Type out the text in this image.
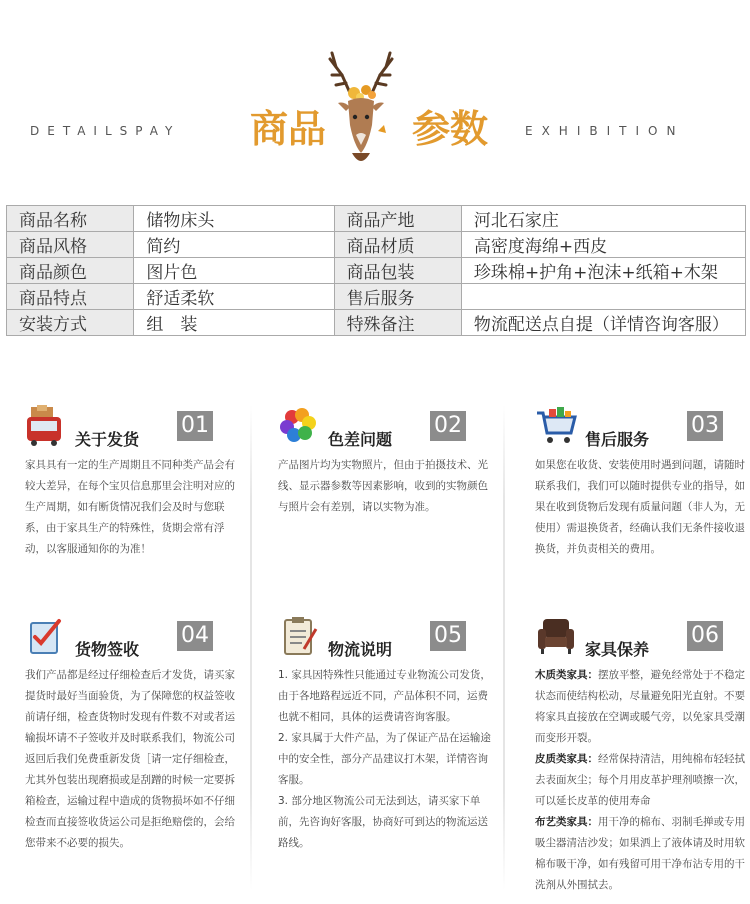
DETAILSPAY 商品 参数	EXHIBITION
商品名称	储物床头	商品产地	河北石家庄
商品风格	简约	商品材质	高密度海绵+西皮
商品颜色	图片色	商品包装	珍珠棉+护角+泡沫+纸箱+木架
商品特点	舒适柔软	售后服务	
安装方式	组　装	特殊备注	物流配送点自提（详情咨询客服）
关于发货
01
家具具有一定的生产周期且不同种类产品会有较大差异，在每个宝贝信息那里会注明对应的生产周期，如有断货情况我们会及时与您联系，由于家具生产的特殊性，货期会常有浮动，以客服通知你的为准！
色差问题
02
产品图片均为实物照片，但由于拍摄技术、光线、显示器参数等因素影响，收到的实物颜色与照片会有差别，请以实物为准。
售后服务
03
如果您在收货、安装使用时遇到问题，请随时联系我们，我们可以随时提供专业的指导，如果在收到货物后发现有质量问题（非人为，无使用）需退换货者，经确认我们无条件接收退换货，并负责相关的费用。
货物签收
04
我们产品都是经过仔细检查后才发货，请买家提货时最好当面验货，为了保障您的权益签收前请仔细，检查货物时发现有件数不对或者运输损坏请不子签收并及时联系我们，物流公司返回后我们免费重新发货［请一定仔细检查，尤其外包装出现磨损或是刮蹭的时候一定要拆箱检查，运输过程中造成的货物损坏如不仔细检查而直接签收货运公司是拒绝赔偿的，会给您带来不必要的损失。
物流说明
05

1. 家具因特殊性只能通过专业物流公司发货，由于各地路程远近不同，产品体积不同，运费也就不相同，具体的运费请咨询客服。

2. 家具属于大件产品，为了保证产品在运输途中的安全性，部分产品建议打木架，详情咨询客服。

3. 部分地区物流公司无法到达，请买家下单前，先咨询好客服，协商好可到达的物流运送路线。

家具保养
06

木质类家具：摆放平整，避免经常处于不稳定状态而使结构松动，尽量避免阳光直射。不要将家具直接放在空调或暖气旁，以免家具受潮而变形开裂。

皮质类家具：经常保持清洁，用纯棉布轻轻拭去表面灰尘；每个月用皮革护理剂喷擦一次，可以延长皮革的使用寿命

布艺类家具：用干净的棉布、羽制毛掸或专用吸尘器清洁沙发；如果洒上了液体请及时用软棉布吸干净，如有残留可用干净布沾专用的干洗剂从外围拭去。
